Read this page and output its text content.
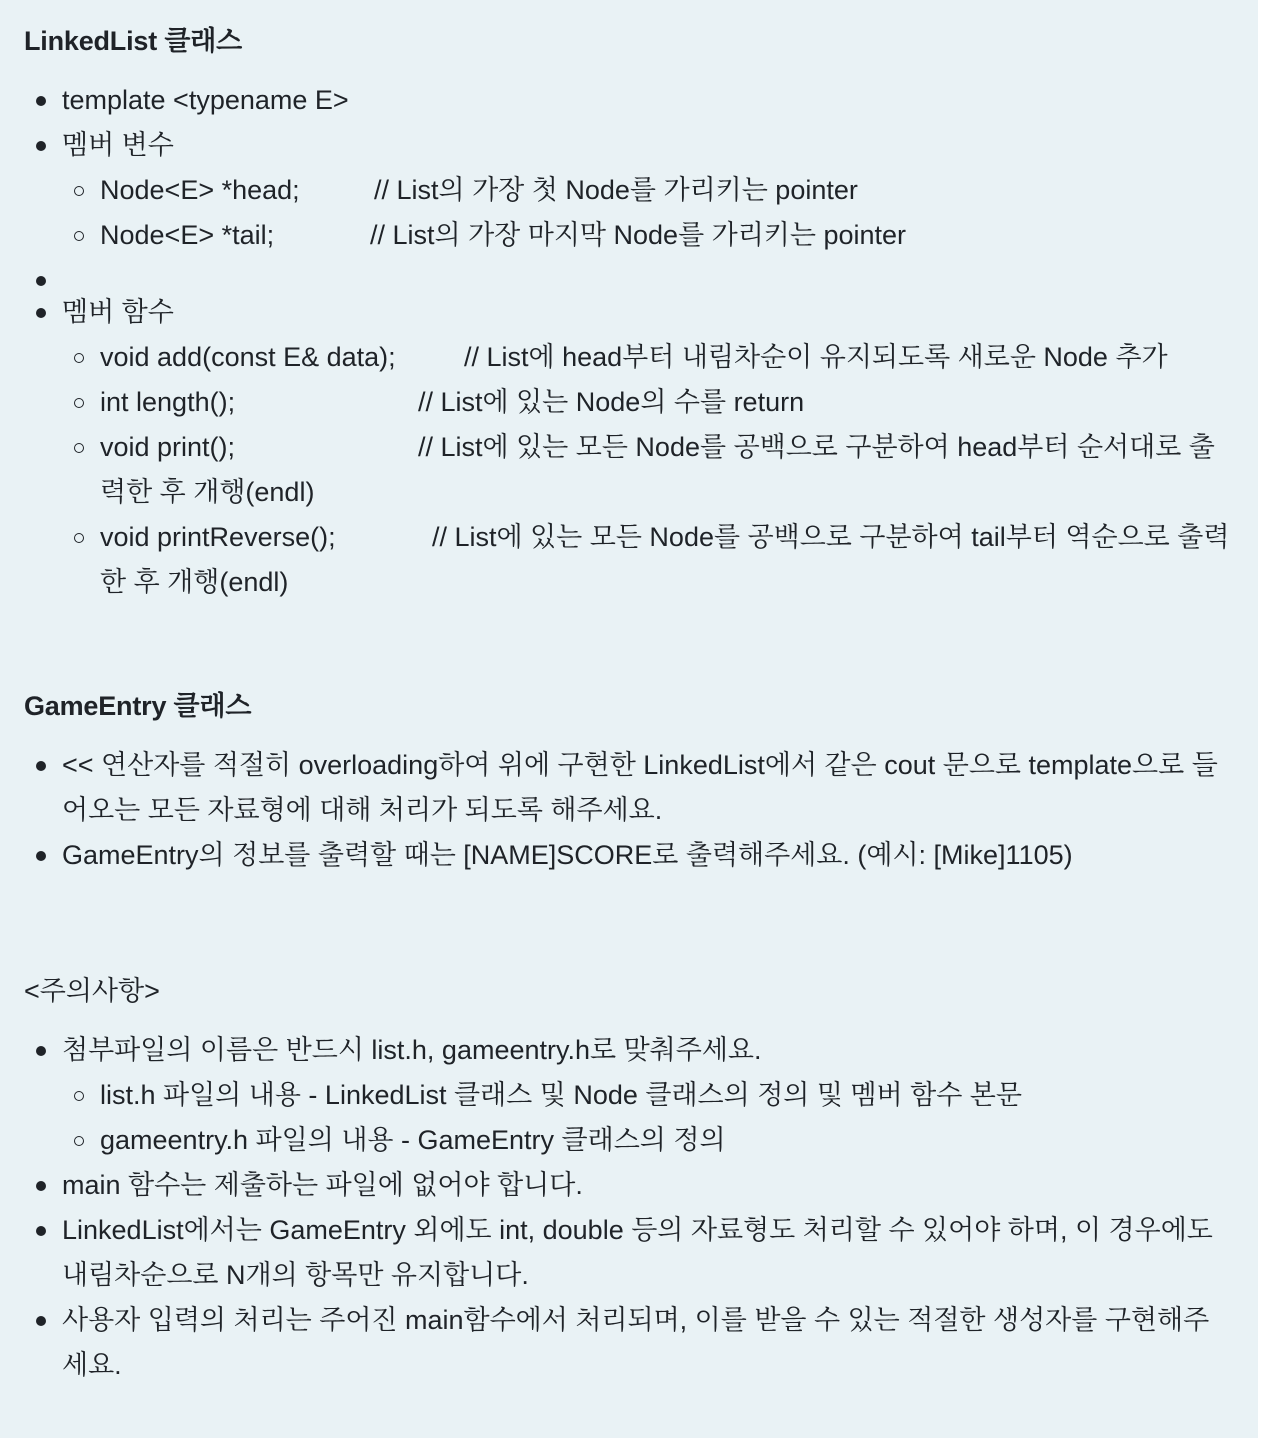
LinkedList 클래스

template <typename E>
멤버 변수
Node<E> *head;	// List의 가장 첫 Node를 가리키는 pointer
Node<E> *tail;	// List의 가장 마지막 Node를 가리키는 pointer
멤버 함수
void add(const E& data);	// List에 head부터 내림차순이 유지되도록 새로운 Node 추가
int length();	// List에 있는 Node의 수를 return
void print();	// List에 있는 모든 Node를 공백으로 구분하여 head부터 순서대로 출력한 후 개행(endl)
void printReverse();	// List에 있는 모든 Node를 공백으로 구분하여 tail부터 역순으로 출력한 후 개행(endl)

GameEntry 클래스

<< 연산자를 적절히 overloading하여 위에 구현한 LinkedList에서 같은 cout 문으로 template으로 들어오는 모든 자료형에 대해 처리가 되도록 해주세요.
GameEntry의 정보를 출력할 때는 [NAME]SCORE로 출력해주세요. (예시: [Mike]1105)

<주의사항>

첨부파일의 이름은 반드시 list.h, gameentry.h로 맞춰주세요.
list.h 파일의 내용 - LinkedList 클래스 및 Node 클래스의 정의 및 멤버 함수 본문
gameentry.h 파일의 내용 - GameEntry 클래스의 정의
main 함수는 제출하는 파일에 없어야 합니다.
LinkedList에서는 GameEntry 외에도 int, double 등의 자료형도 처리할 수 있어야 하며, 이 경우에도 내림차순으로 N개의 항목만 유지합니다.
사용자 입력의 처리는 주어진 main함수에서 처리되며, 이를 받을 수 있는 적절한 생성자를 구현해주세요.
